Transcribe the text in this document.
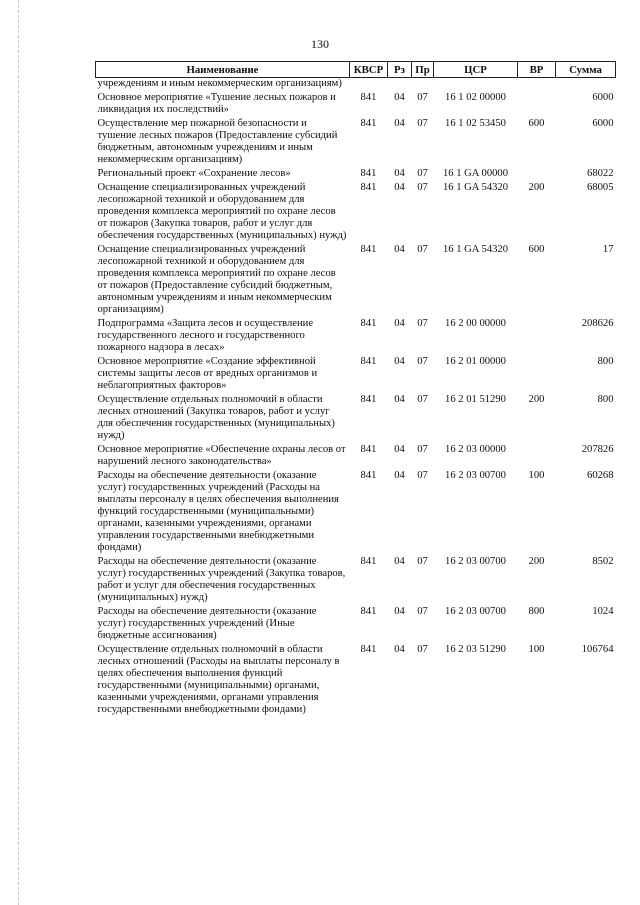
130
Наименование	КВСР	Рз	Пр	ЦСР	ВР	Сумма
учреждениям и иным некоммерческим организациям)						
Основное мероприятие «Тушение лесных пожаров и ликвидация их последствий»	841	04	07	16 1 02 00000		6000
Осуществление мер пожарной безопасности и тушение лесных пожаров (Предоставление субсидий бюджетным, автономным учреждениям и иным некоммерческим организациям)	841	04	07	16 1 02 53450	600	6000
Региональный проект «Сохранение лесов»	841	04	07	16 1 GA 00000		68022
Оснащение специализированных учреждений лесопожарной техникой и оборудованием для проведения комплекса мероприятий по охране лесов от пожаров (Закупка товаров, работ и услуг для обеспечения государственных (муниципальных) нужд)	841	04	07	16 1 GA 54320	200	68005
Оснащение специализированных учреждений лесопожарной техникой и оборудованием для проведения комплекса мероприятий по охране лесов от пожаров (Предоставление субсидий бюджетным, автономным учреждениям и иным некоммерческим организациям)	841	04	07	16 1 GA 54320	600	17
Подпрограмма «Защита лесов и осуществление государственного лесного и государственного пожарного надзора в лесах»	841	04	07	16 2 00 00000		208626
Основное мероприятие «Создание эффективной системы защиты лесов от вредных организмов и неблагоприятных факторов»	841	04	07	16 2 01 00000		800
Осуществление отдельных полномочий в области лесных отношений (Закупка товаров, работ и услуг для обеспечения государственных (муниципальных) нужд)	841	04	07	16 2 01 51290	200	800
Основное мероприятие «Обеспечение охраны лесов от нарушений лесного законодательства»	841	04	07	16 2 03 00000		207826
Расходы на обеспечение деятельности (оказание услуг) государственных учреждений (Расходы на выплаты персоналу в целях обеспечения выполнения функций государственными (муниципальными) органами, казенными учреждениями, органами управления государственными внебюджетными фондами)	841	04	07	16 2 03 00700	100	60268
Расходы на обеспечение деятельности (оказание услуг) государственных учреждений (Закупка товаров, работ и услуг для обеспечения государственных (муниципальных) нужд)	841	04	07	16 2 03 00700	200	8502
Расходы на обеспечение деятельности (оказание услуг) государственных учреждений (Иные бюджетные ассигнования)	841	04	07	16 2 03 00700	800	1024
Осуществление отдельных полномочий в области лесных отношений (Расходы на выплаты персоналу в целях обеспечения выполнения функций государственными (муниципальными) органами, казенными учреждениями, органами управления государственными внебюджетными фондами)	841	04	07	16 2 03 51290	100	106764
